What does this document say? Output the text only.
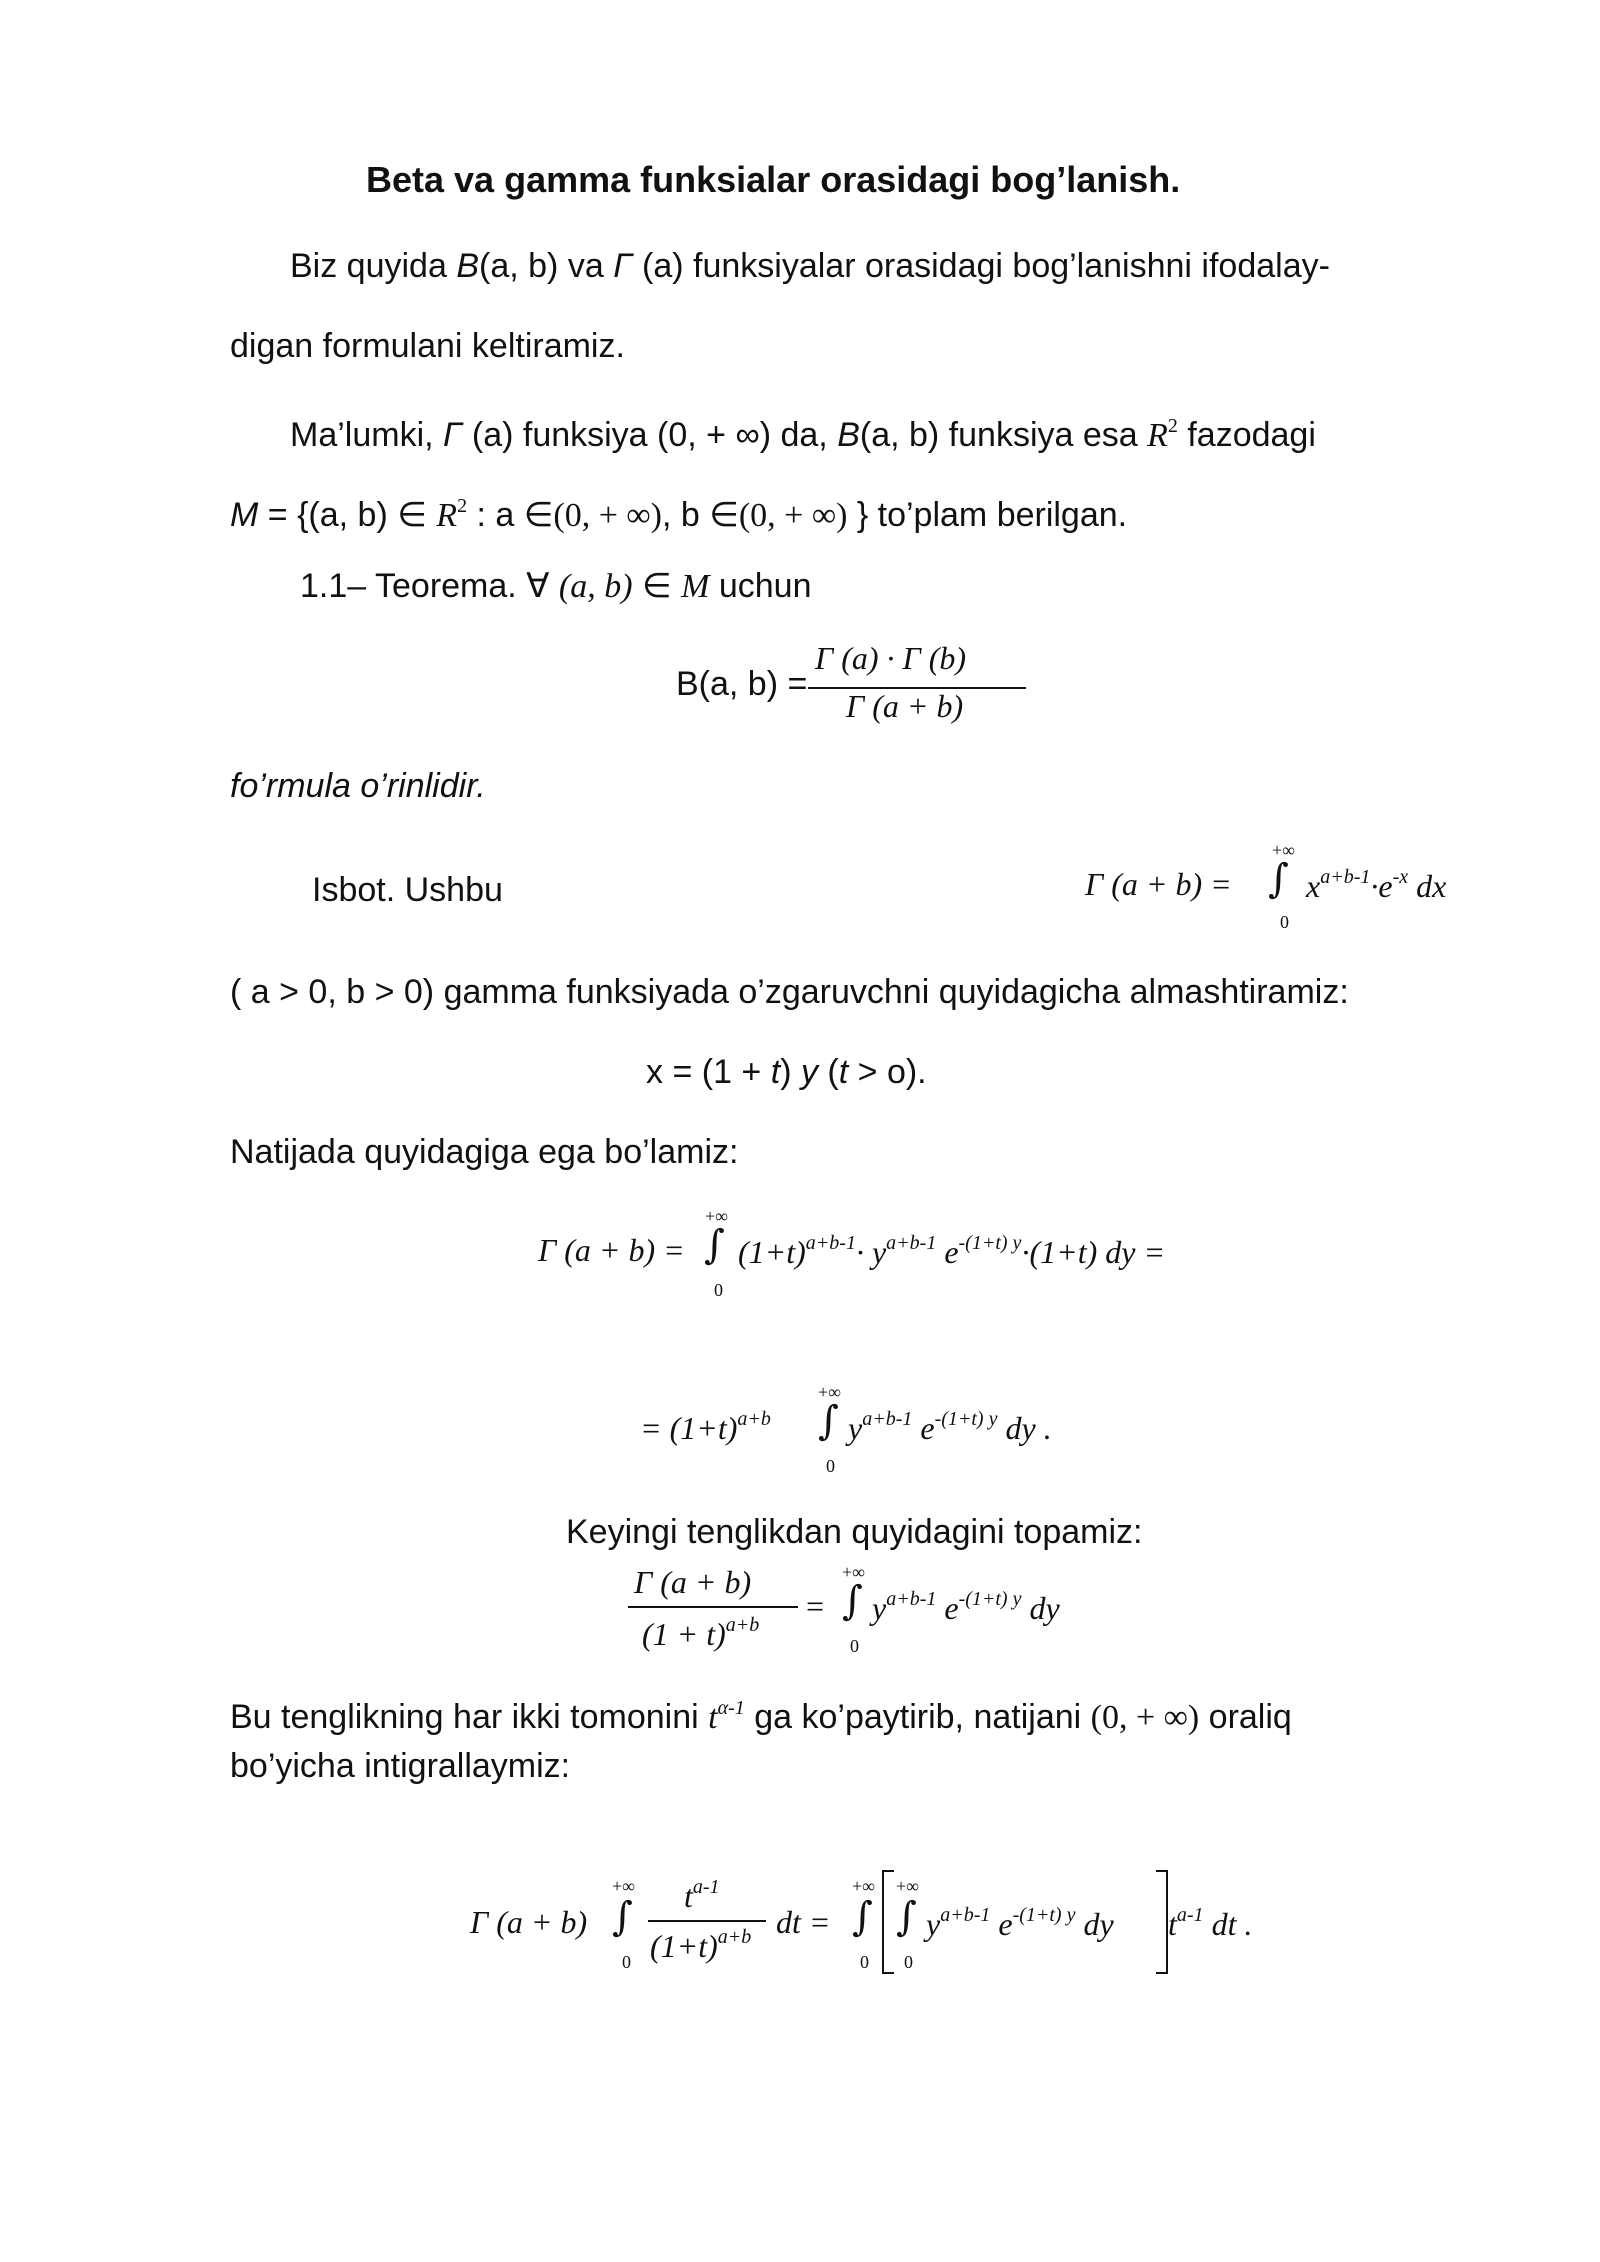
Beta va gamma funksialar orasidagi bog’lanish.
Biz quyida B(a, b) va Γ (a) funksiyalar orasidagi bog’lanishni ifodalay-
digan formulani keltiramiz.
Ma’lumki, Γ (a) funksiya (0, + ∞) da, B(a, b) funksiya esa $R^2$ fazodagi
M = {(a, b) ∈ $R^2$ : a ∈(0, + ∞), b ∈(0, + ∞) } to’plam berilgan.
1.1– Teorema. ∀ (a, b) ∈ M uchun
B(a, b) =
Γ (a) · Γ (b)
Γ (a + b)
fo’rmula o’rinlidir.
Isbot. Ushbu	Γ (a + b) =
+∞
∫
0
$x^{a+b-1}\cdot e^{-x}$ dx
( a > 0, b > 0) gamma funksiyada o’zgaruvchni quyidagicha almashtiramiz:
x = (1 + t) y (t > o).
Natijada quyidagiga ega bo’lamiz:
Γ (a + b) =
+∞
∫
0
$(1+t)^{a+b-1}\cdot y^{a+b-1}$ $e^{-(1+t) y}\cdot(1+t)$ dy =
= $(1+t)^{a+b}$
+∞
∫
0
$y^{a+b-1}$ $e^{-(1+t) y}$ dy .
Keyingi tenglikdan quyidagini topamiz:
Γ (a + b)
$(1 + t)^{a+b}$
=
+∞
∫
0
$y^{a+b-1}$ $e^{-(1+t) y}$ dy
Bu tenglikning har ikki tomonini $t^{\alpha-1}$ ga ko’paytirib, natijani (0, + ∞) oraliq
bo’yicha intigrallaymiz:
Γ (a + b)
+∞
∫
0
$t^{a-1}$
$(1+t)^{a+b}$ dt =
+∞
∫
0
+∞
∫
0
$y^{a+b-1}$ $e^{-(1+t) y}$ dy $t^{a-1}$ dt .
